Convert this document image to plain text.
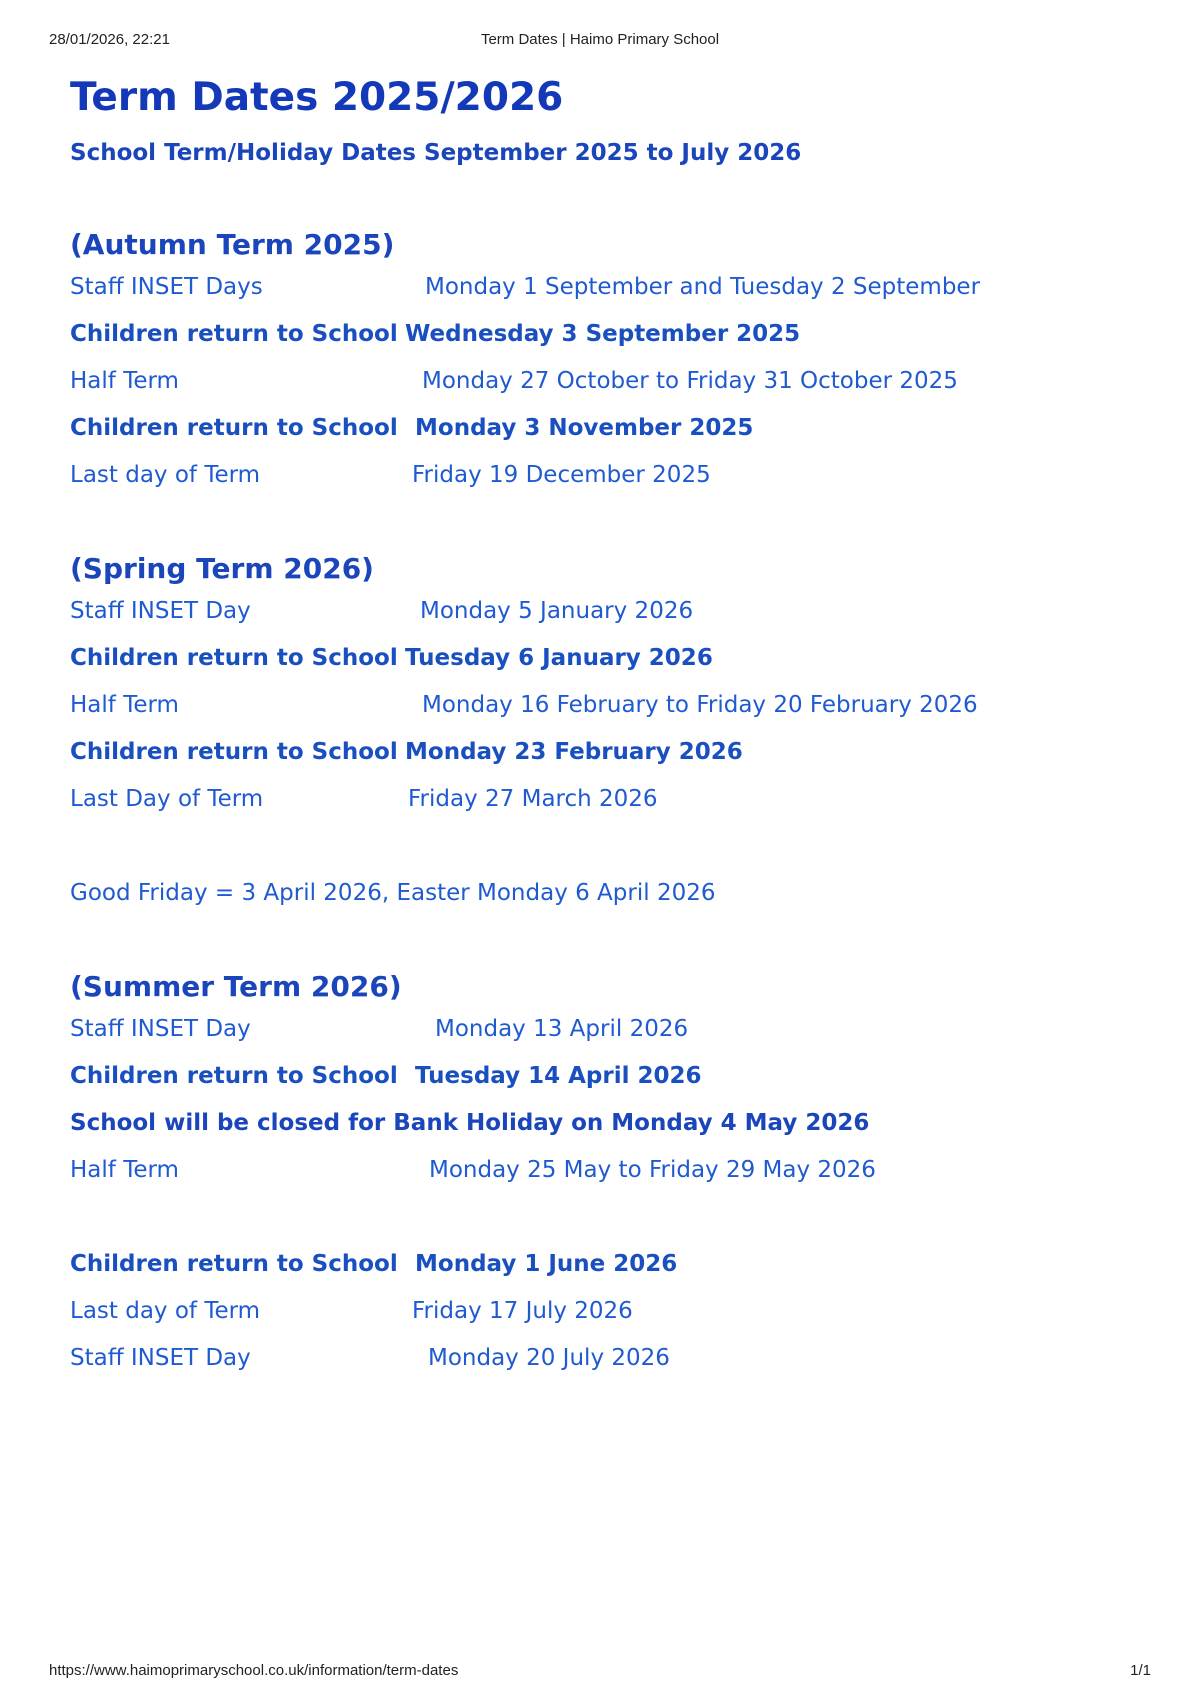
28/01/2026, 22:21	Term Dates | Haimo Primary School
Term Dates 2025/2026
School Term/Holiday Dates September 2025 to July 2026
(Autumn Term 2025)
Staff INSET Days	Monday 1 September and Tuesday 2 September
Children return to School Wednesday 3 September 2025
Half Term	Monday 27 October to Friday 31 October 2025
Children return to School Monday 3 November 2025
Last day of Term	Friday 19 December 2025
(Spring Term 2026)
Staff INSET Day	Monday 5 January 2026
Children return to School Tuesday 6 January 2026
Half Term	Monday 16 February to Friday 20 February 2026
Children return to School Monday 23 February 2026
Last Day of Term	Friday 27 March 2026
Good Friday = 3 April 2026, Easter Monday 6 April 2026
(Summer Term 2026)
Staff INSET Day	Monday 13 April 2026
Children return to School Tuesday 14 April 2026
School will be closed for Bank Holiday on Monday 4 May 2026
Half Term	Monday 25 May to Friday 29 May 2026
Children return to School Monday 1 June 2026
Last day of Term	Friday 17 July 2026
Staff INSET Day	Monday 20 July 2026
https://www.haimoprimaryschool.co.uk/information/term-dates	1/1
